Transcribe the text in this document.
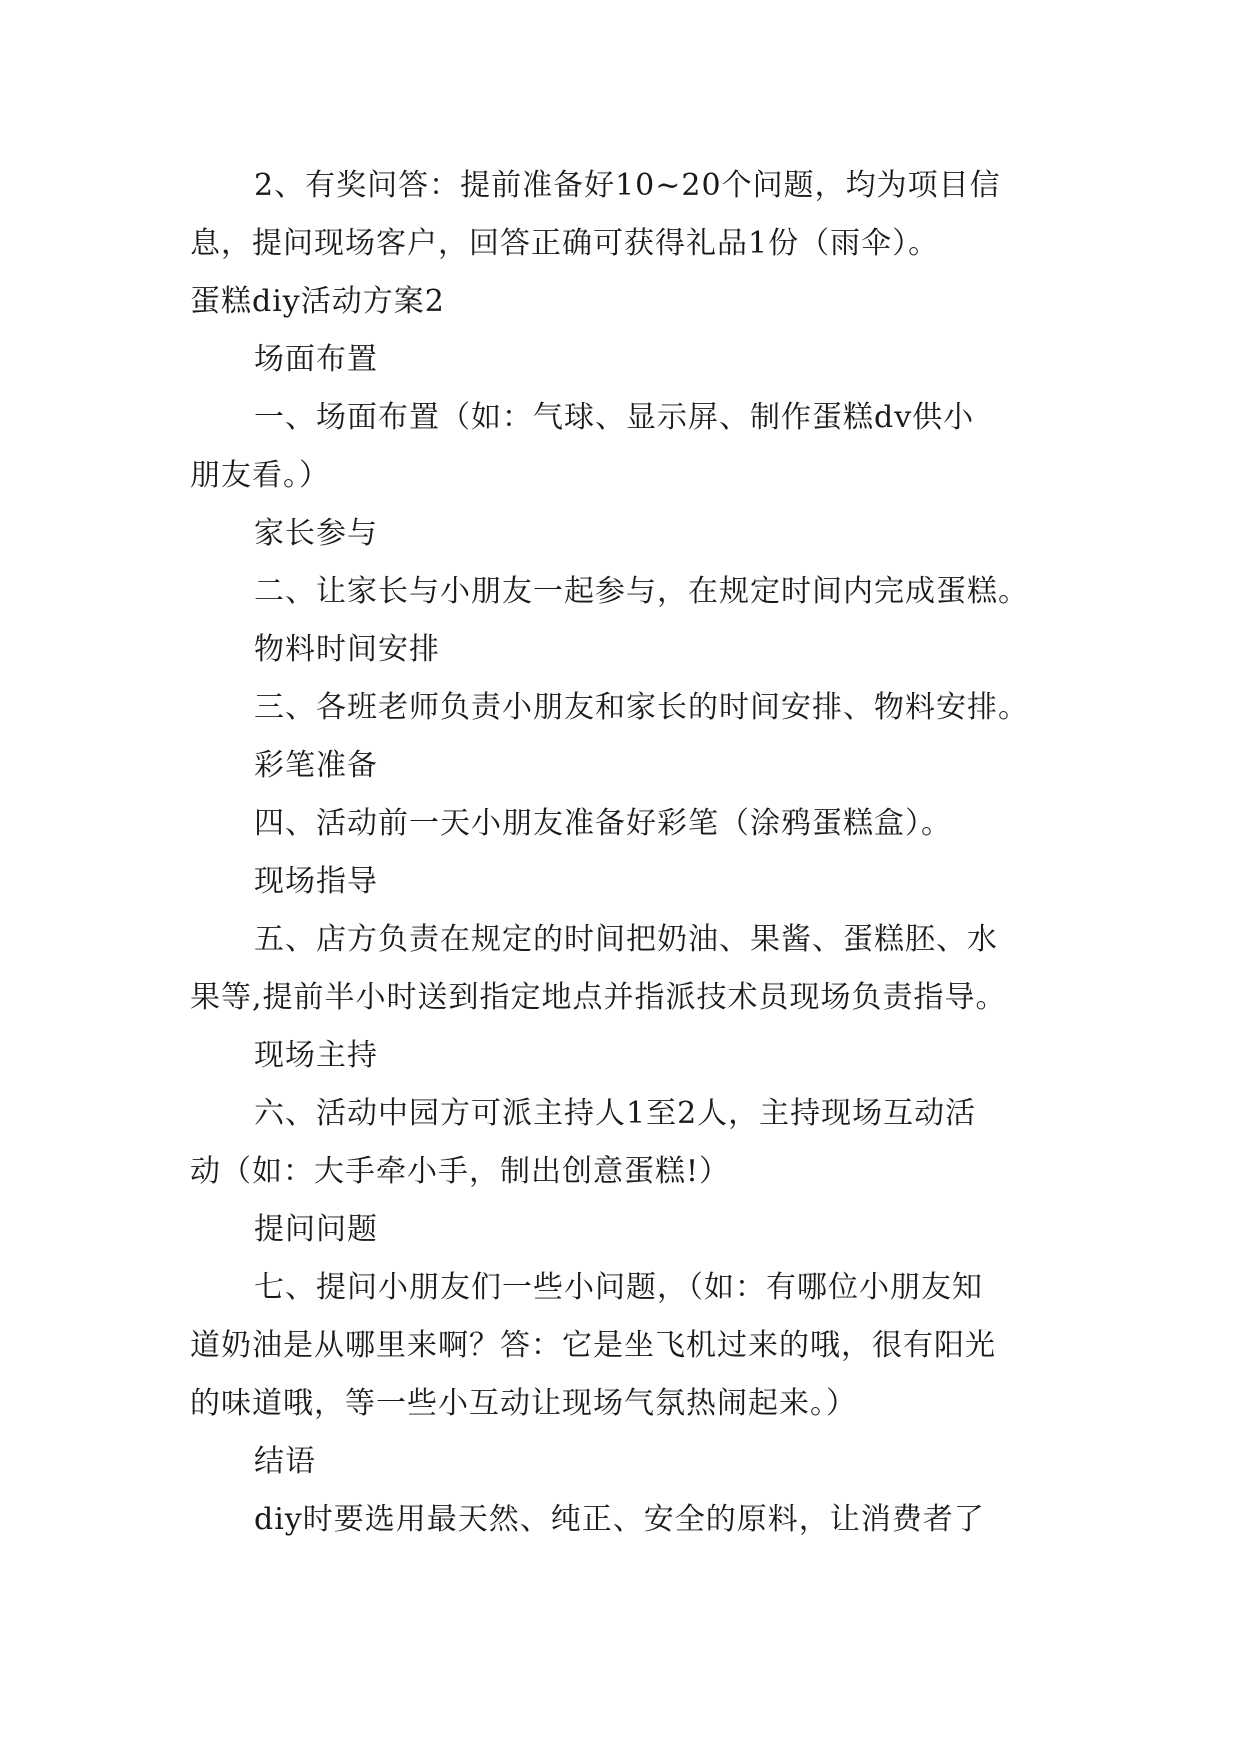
2、有奖问答：提前准备好10~20个问题，均为项目信
息，提问现场客户，回答正确可获得礼品1份（雨伞）。
蛋糕diy活动方案2
场面布置
一、场面布置（如：气球、显示屏、制作蛋糕dv供小
朋友看。）
家长参与
二、让家长与小朋友一起参与，在规定时间内完成蛋糕。
物料时间安排
三、各班老师负责小朋友和家长的时间安排、物料安排。
彩笔准备
四、活动前一天小朋友准备好彩笔（涂鸦蛋糕盒）。
现场指导
五、店方负责在规定的时间把奶油、果酱、蛋糕胚、水
果等,提前半小时送到指定地点并指派技术员现场负责指导。
现场主持
六、活动中园方可派主持人1至2人，主持现场互动活
动（如：大手牵小手，制出创意蛋糕!）
提问问题
七、提问小朋友们一些小问题，（如：有哪位小朋友知
道奶油是从哪里来啊？答：它是坐飞机过来的哦，很有阳光
的味道哦，等一些小互动让现场气氛热闹起来。）
结语
diy时要选用最天然、纯正、安全的原料，让消费者了
